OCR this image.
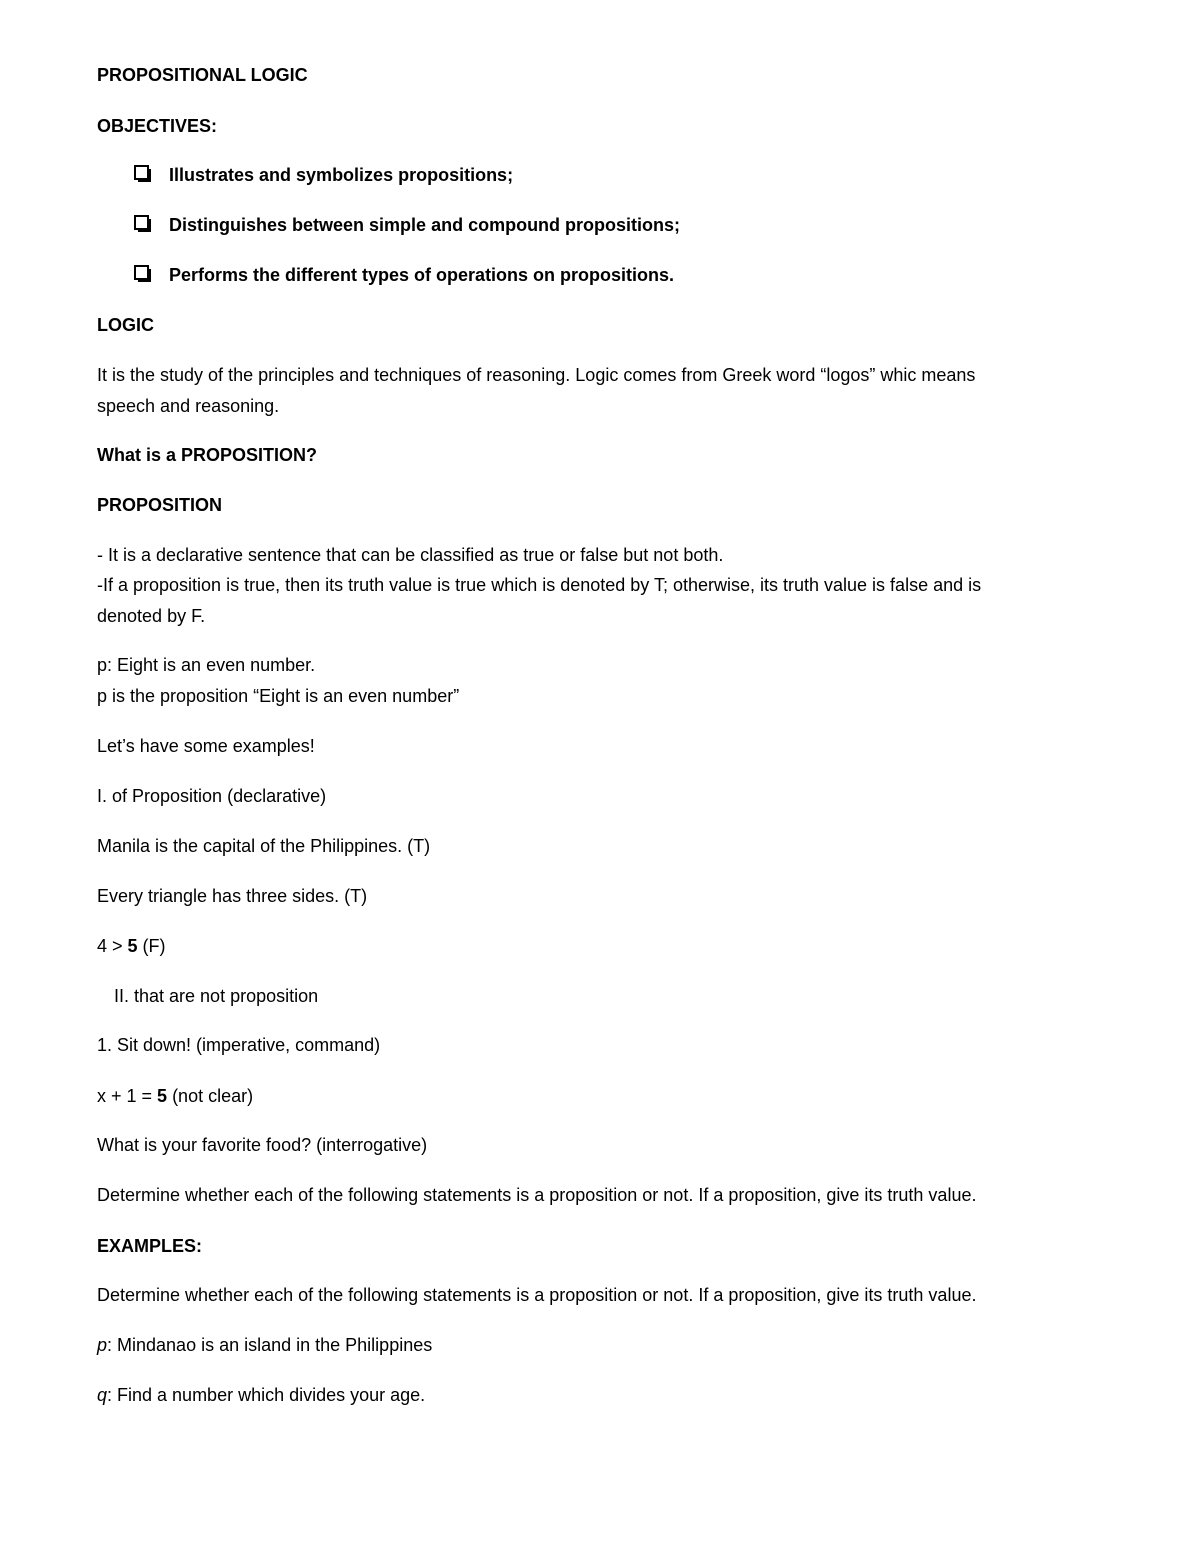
PROPOSITIONAL LOGIC
OBJECTIVES:
Illustrates and symbolizes propositions;
Distinguishes between simple and compound propositions;
Performs the different types of operations on propositions.
LOGIC
It is the study of the principles and techniques of reasoning. Logic comes from Greek word “logos” whic means
speech and reasoning.
What is a PROPOSITION?
PROPOSITION
- It is a declarative sentence that can be classified as true or false but not both.
-If a proposition is true, then its truth value is true which is denoted by T; otherwise, its truth value is false and is
denoted by F.
p: Eight is an even number.
p is the proposition “Eight is an even number”
Let’s have some examples!
I. of Proposition (declarative)
Manila is the capital of the Philippines. (T)
Every triangle has three sides. (T)
4 > 5 (F)
II. that are not proposition
1. Sit down! (imperative, command)
x + 1 = 5 (not clear)
What is your favorite food? (interrogative)
Determine whether each of the following statements is a proposition or not. If a proposition, give its truth value.
EXAMPLES:
Determine whether each of the following statements is a proposition or not. If a proposition, give its truth value.
p: Mindanao is an island in the Philippines
q: Find a number which divides your age.
